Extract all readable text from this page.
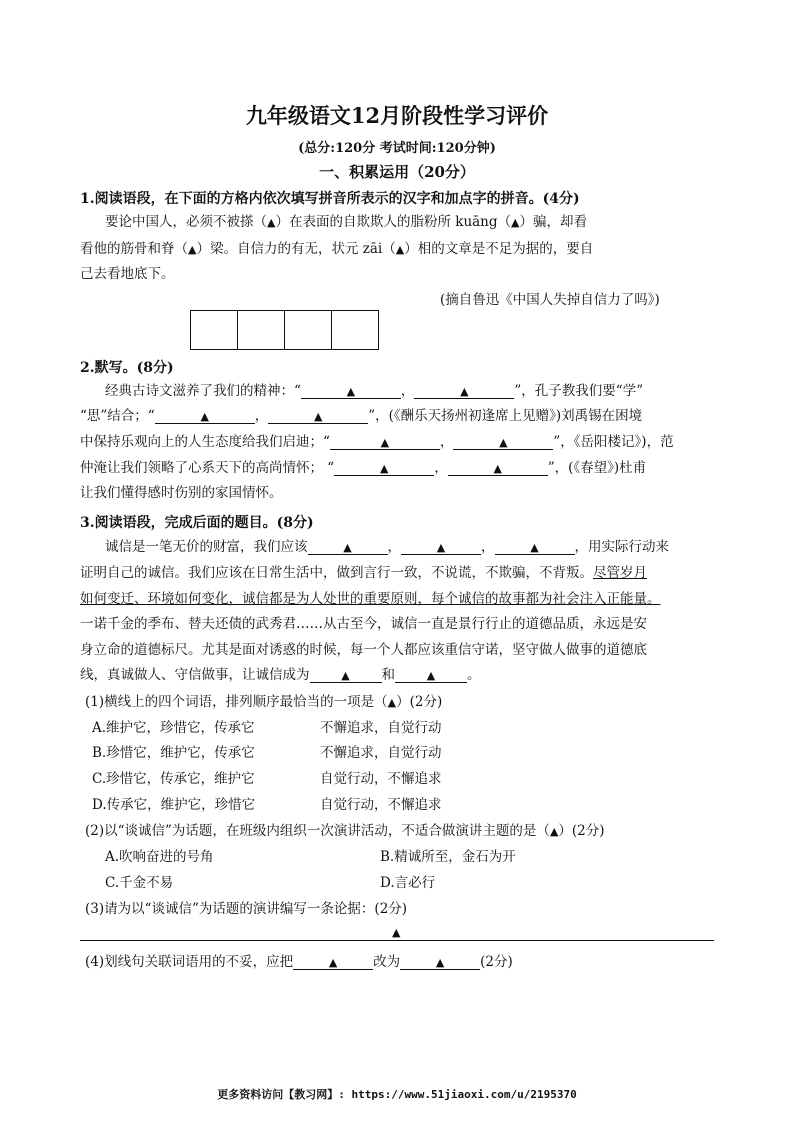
九年级语文12月阶段性学习评价
(总分:120分 考试时间:120分钟)
一、积累运用（20分）
1.阅读语段，在下面的方格内依次填写拼音所表示的汉字和加点字的拼音。(4分)
要论中国人，必须不被搽（▲）在表面的自欺欺人的脂粉所 kuāng（▲）骗，却看
看他的筋骨和脊（▲）梁。自信力的有无，状元 zāi（▲）相的文章是不足为据的，要自
己去看地底下。
(摘自鲁迅《中国人失掉自信力了吗》)
2.默写。(8分)
经典古诗文滋养了我们的精神：“	▲	，	▲	”，孔子教我们要“学”
“思”结合；“	▲	，	▲	”，(《酬乐天扬州初逢席上见赠》)刘禹锡在困境
中保持乐观向上的人生态度给我们启迪；“	▲	，	▲	”，《岳阳楼记》)，范
仲淹让我们领略了心系天下的高尚情怀； “	▲	，	▲	”，(《春望》)杜甫
让我们懂得感时伤别的家国情怀。
3.阅读语段，完成后面的题目。(8分)
诚信是一笔无价的财富，我们应该	▲	，	▲	，	▲	，用实际行动来
证明自己的诚信。我们应该在日常生活中，做到言行一致，不说谎，不欺骗，不背叛。尽管岁月
如何变迁、环境如何变化，诚信都是为人处世的重要原则，每个诚信的故事都为社会注入正能量。
一诺千金的季布、替夫还债的武秀君……从古至今，诚信一直是景行行止的道德品质，永远是安
身立命的道德标尺。尤其是面对诱惑的时候，每一个人都应该重信守诺，坚守做人做事的道德底
线，真诚做人、守信做事，让诚信成为	▲ 和	▲ 。
(1)横线上的四个词语，排列顺序最恰当的一项是（▲）(2分)
A.维护它，珍惜它，传承它	不懈追求，自觉行动
B.珍惜它，维护它，传承它	不懈追求，自觉行动
C.珍惜它，传承它，维护它	自觉行动，不懈追求
D.传承它，维护它，珍惜它	自觉行动，不懈追求
(2)以“谈诚信”为话题，在班级内组织一次演讲活动，不适合做演讲主题的是（▲）(2分)
A.吹响奋进的号角	B.精诚所至，金石为开
C.千金不易	D.言必行
(3)请为以“谈诚信”为话题的演讲编写一条论据：(2分)
▲
(4)划线句关联词语用的不妥，应把	▲	改为	▲	(2分)
更多资料访问【教习网】: https://www.51jiaoxi.com/u/2195370
